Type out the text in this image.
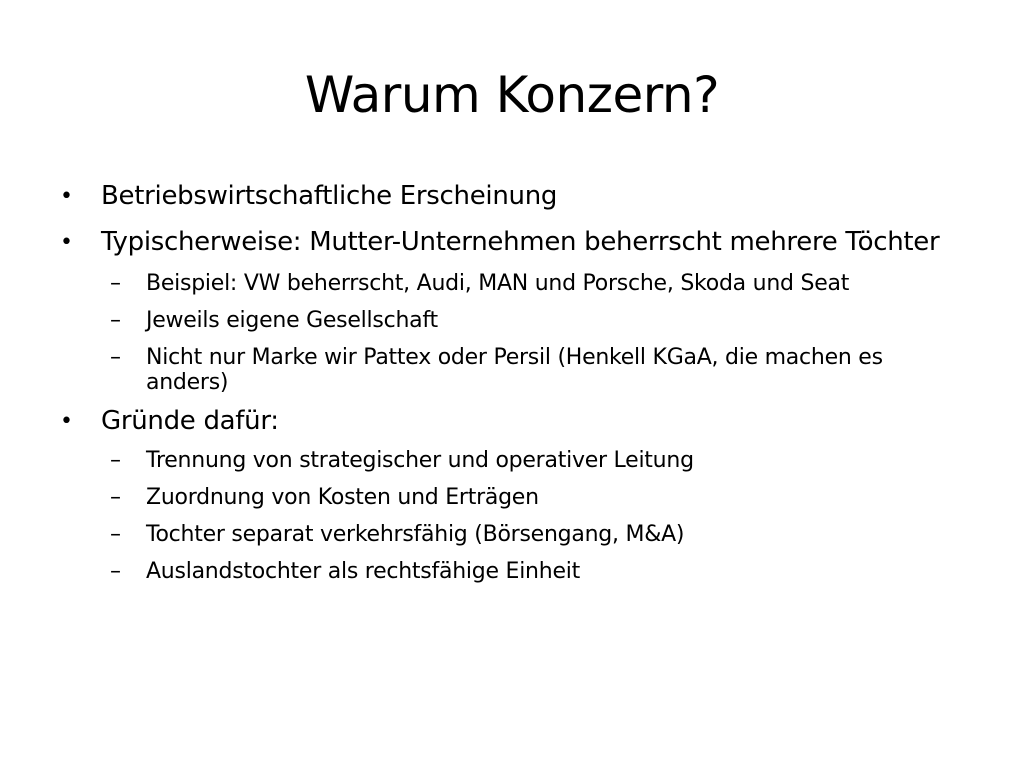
Warum Konzern?
• Betriebswirtschaftliche Erscheinung
• Typischerweise: Mutter-Unternehmen beherrscht mehrere Töchter
–	Beispiel: VW beherrscht, Audi, MAN und Porsche, Skoda und Seat
–	Jeweils eigene Gesellschaft
–	Nicht nur Marke wir Pattex oder Persil (Henkell KGaA, die machen es anders)
• Gründe dafür:
–	Trennung von strategischer und operativer Leitung
–	Zuordnung von Kosten und Erträgen
–	Tochter separat verkehrsfähig (Börsengang, M&A)
–	Auslandstochter als rechtsfähige Einheit
